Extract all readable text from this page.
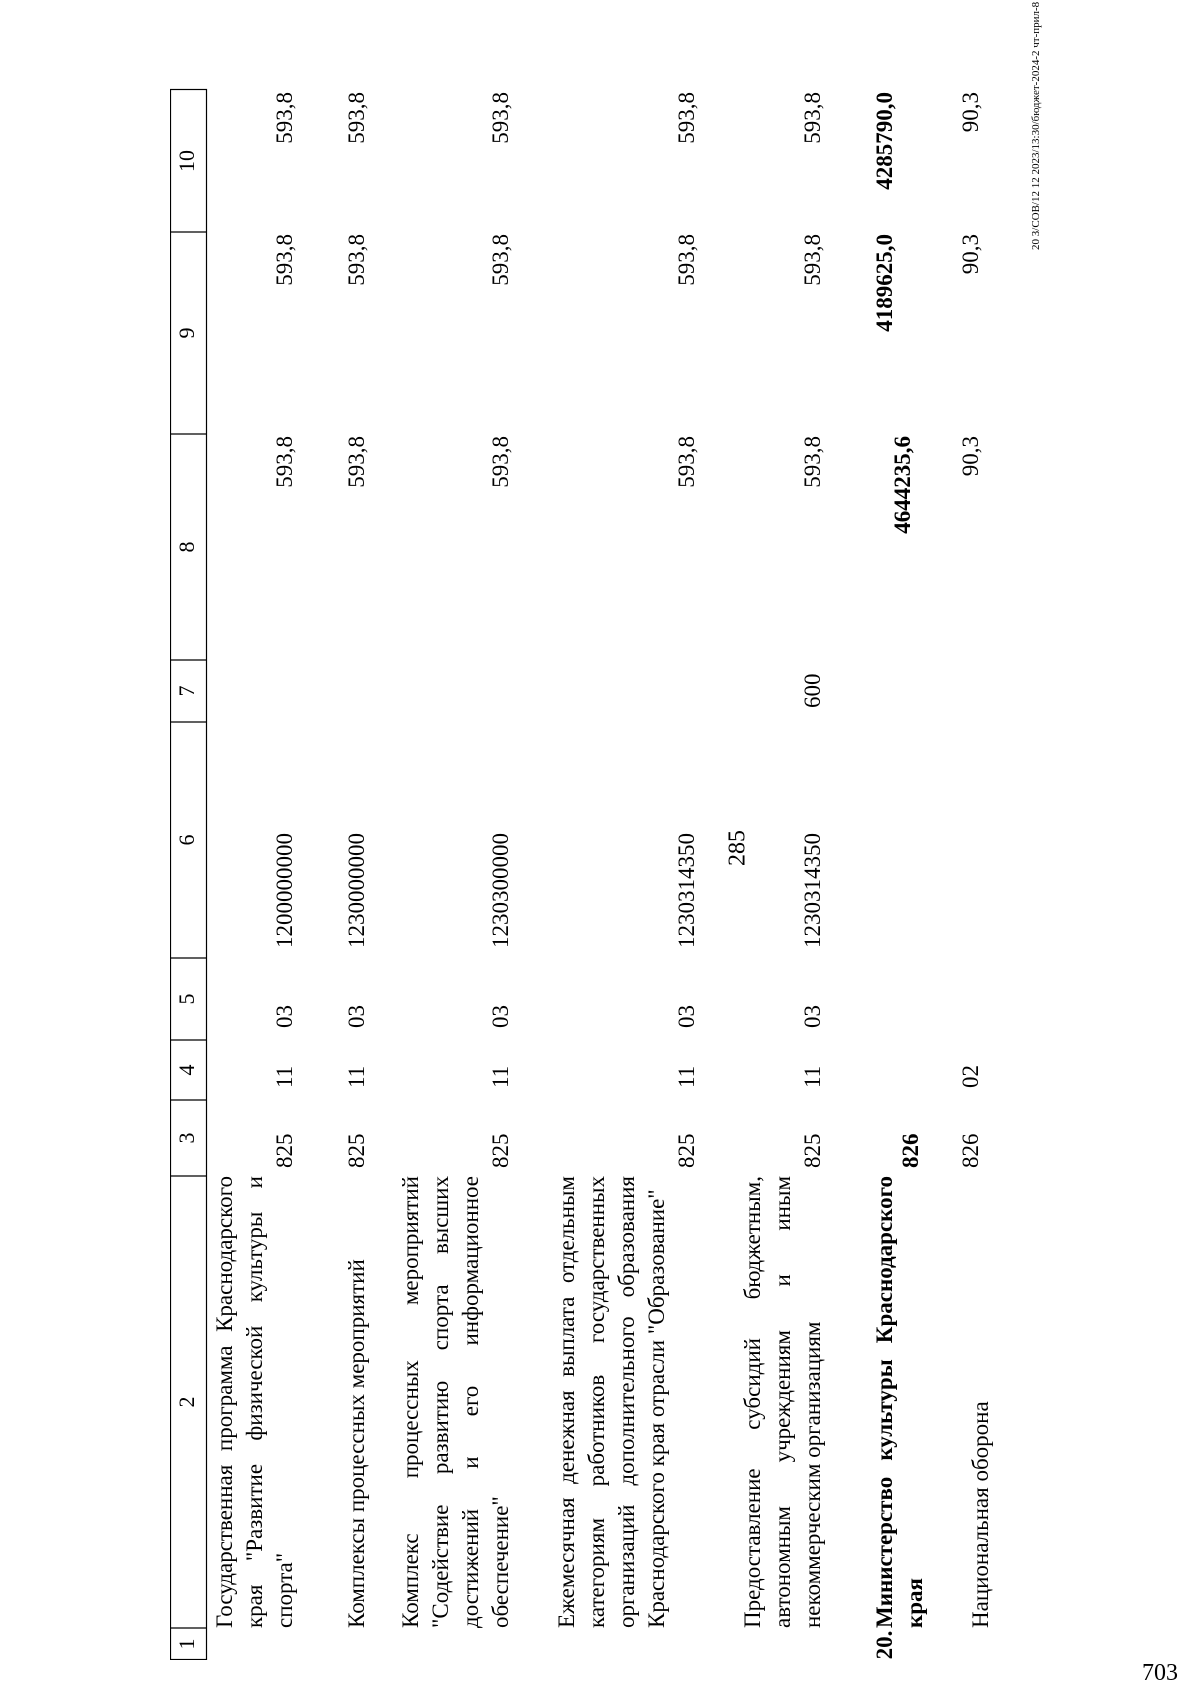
285
703
1
2
3
4
5
6
7
8
9
10
Государственная программа Краснодарского края "Развитие физической культуры и спорта"
825
11
03
1200000000
593,8
593,8
593,8
Комплексы процессных мероприятий
825
11
03
1230000000
593,8
593,8
593,8
Комплекс процессных мероприятий "Содействие развитию спорта высших достижений и его информационное обеспечение"
825
11
03
1230300000
593,8
593,8
593,8
Ежемесячная денежная выплата отдельным категориям работников государственных организаций дополнительного образования Краснодарского края отрасли "Образование"
825
11
03
1230314350
593,8
593,8
593,8
Предоставление субсидий бюджетным, автономным учреждениям и иным некоммерческим организациям
825
11
03
1230314350
600
593,8
593,8
593,8
20.
Министерство культуры Краснодарского края
826
4644235,6
4189625,0
4285790,0
Национальная оборона
826
02
90,3
90,3
90,3	20 З/СОВ/12 12 2023/13:30/бюджет-2024-2 чт-прил-8
